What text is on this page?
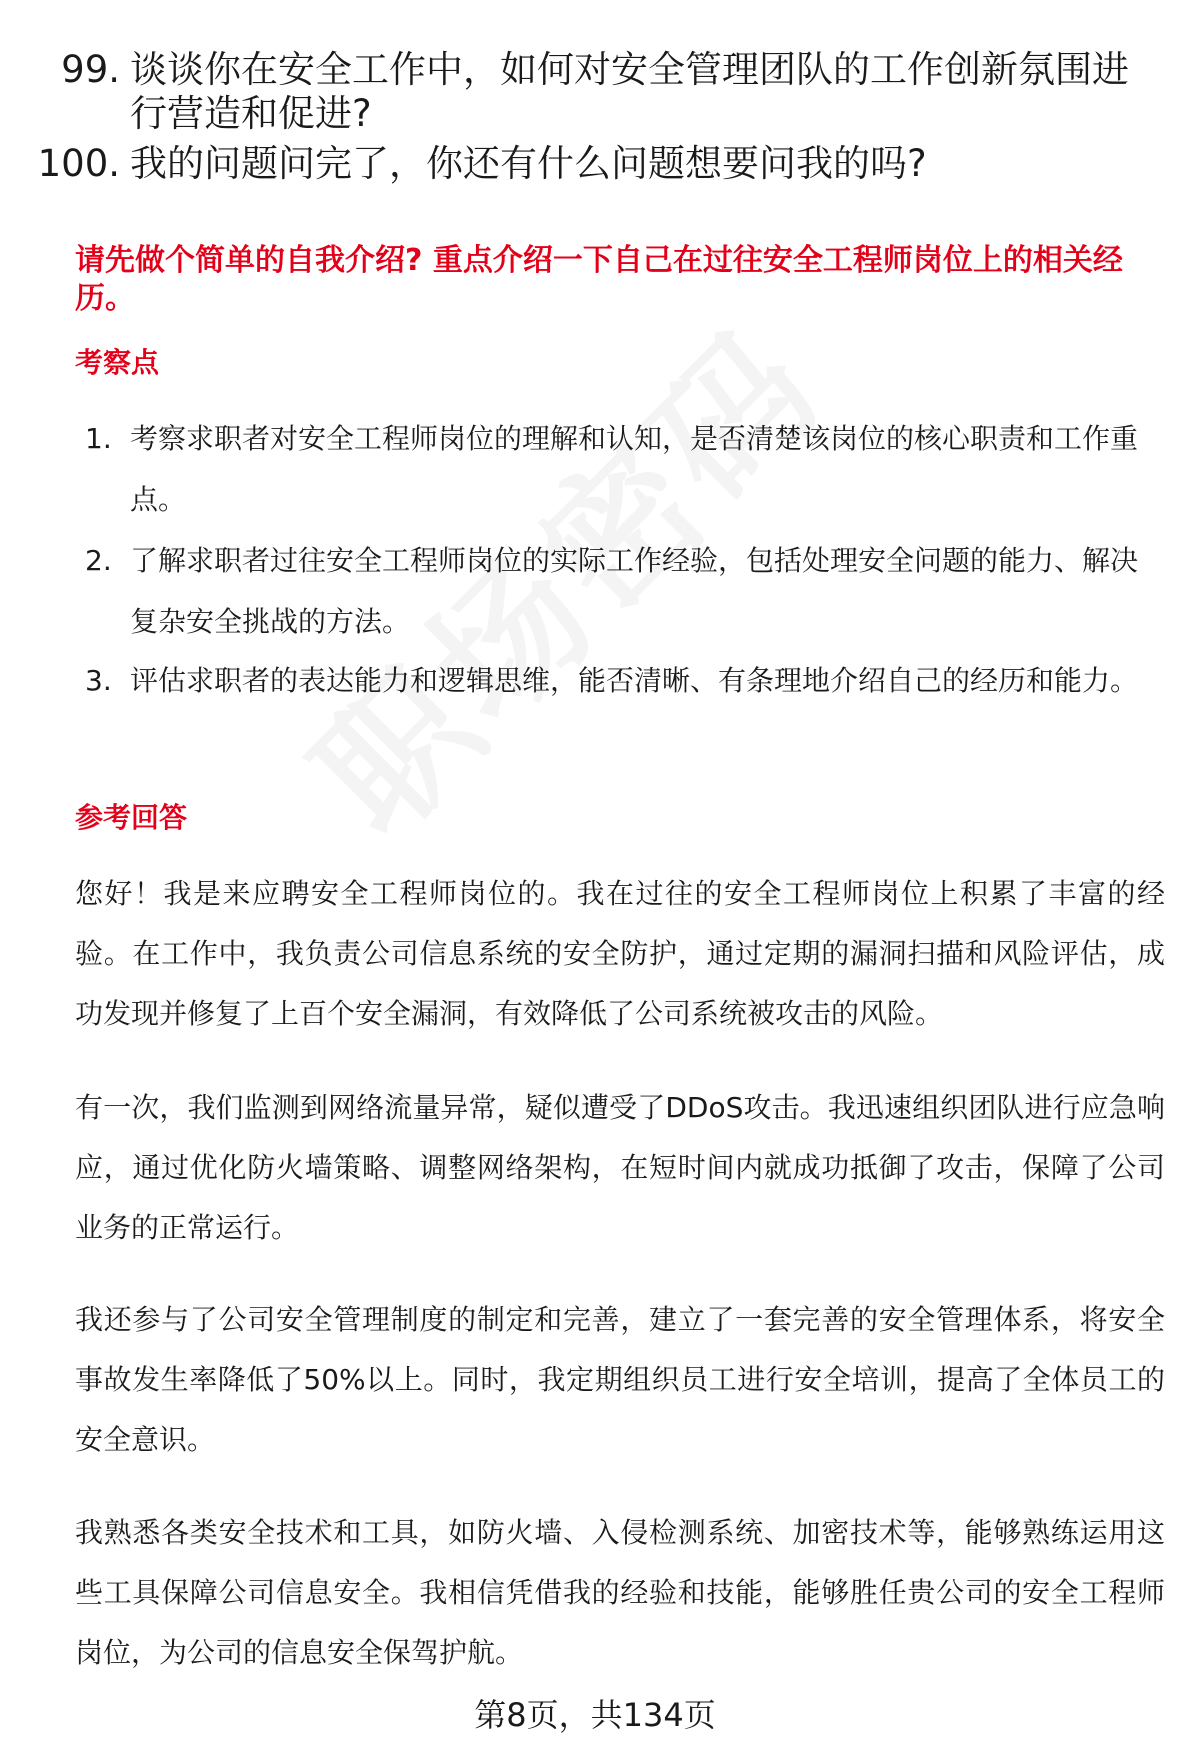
99. 谈谈你在安全工作中，如何对安全管理团队的工作创新氛围进行营造和促进?
100. 我的问题问完了，你还有什么问题想要问我的吗?
请先做个简单的自我介绍? 重点介绍一下自己在过往安全工程师岗位上的相关经历。
考察点
1. 考察求职者对安全工程师岗位的理解和认知，是否清楚该岗位的核心职责和工作重点。
2. 了解求职者过往安全工程师岗位的实际工作经验，包括处理安全问题的能力、解决复杂安全挑战的方法。
3. 评估求职者的表达能力和逻辑思维，能否清晰、有条理地介绍自己的经历和能力。
参考回答
您好！我是来应聘安全工程师岗位的。我在过往的安全工程师岗位上积累了丰富的经验。在工作中，我负责公司信息系统的安全防护，通过定期的漏洞扫描和风险评估，成功发现并修复了上百个安全漏洞，有效降低了公司系统被攻击的风险。
有一次，我们监测到网络流量异常，疑似遭受了DDoS攻击。我迅速组织团队进行应急响应，通过优化防火墙策略、调整网络架构，在短时间内就成功抵御了攻击，保障了公司业务的正常运行。
我还参与了公司安全管理制度的制定和完善，建立了一套完善的安全管理体系，将安全事故发生率降低了50%以上。同时，我定期组织员工进行安全培训，提高了全体员工的安全意识。
我熟悉各类安全技术和工具，如防火墙、入侵检测系统、加密技术等，能够熟练运用这些工具保障公司信息安全。我相信凭借我的经验和技能，能够胜任贵公司的安全工程师岗位，为公司的信息安全保驾护航。
第8页，共134页
